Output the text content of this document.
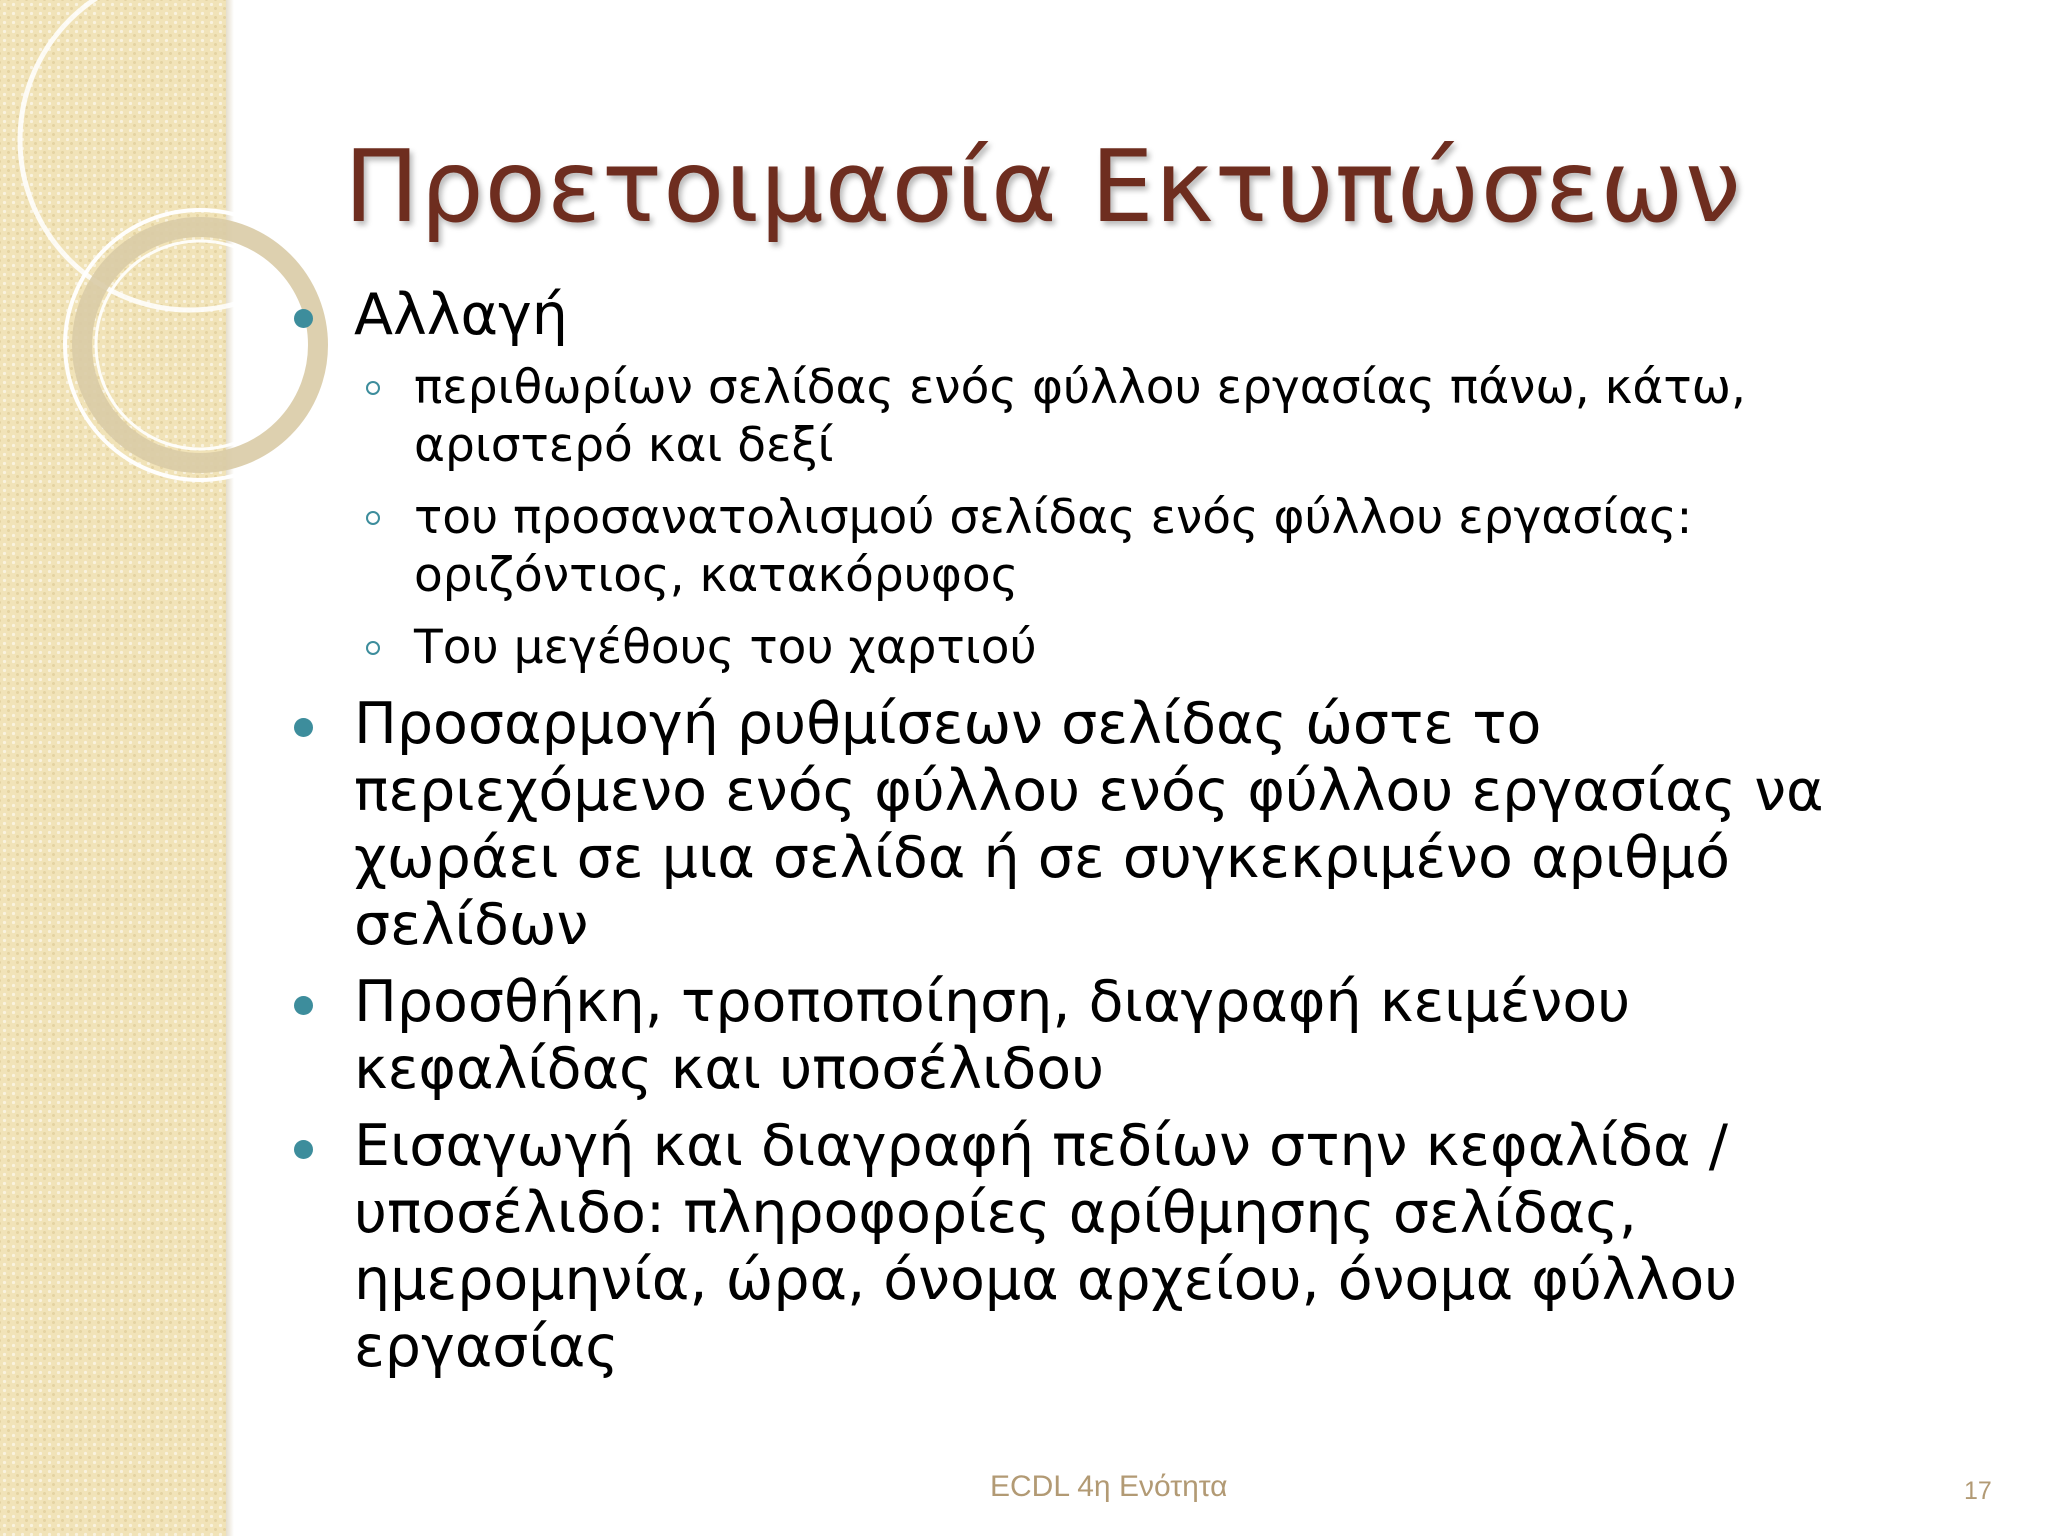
Προετοιμασία Εκτυπώσεων
Αλλαγή
περιθωρίων σελίδας ενός φύλλου εργασίας πάνω, κάτω, αριστερό και δεξί
του προσανατολισμού σελίδας ενός φύλλου εργασίας: οριζόντιος, κατακόρυφος
Του μεγέθους του χαρτιού
Προσαρμογή ρυθμίσεων σελίδας ώστε το περιεχόμενο ενός φύλλου ενός φύλλου εργασίας να χωράει σε μια σελίδα ή σε συγκεκριμένο αριθμό σελίδων
Προσθήκη, τροποποίηση, διαγραφή κειμένου κεφαλίδας και υποσέλιδου
Εισαγωγή και διαγραφή πεδίων στην κεφαλίδα / υποσέλιδο: πληροφορίες αρίθμησης σελίδας, ημερομηνία, ώρα, όνομα αρχείου, όνομα φύλλου εργασίας
ECDL 4η Ενότητα	17
